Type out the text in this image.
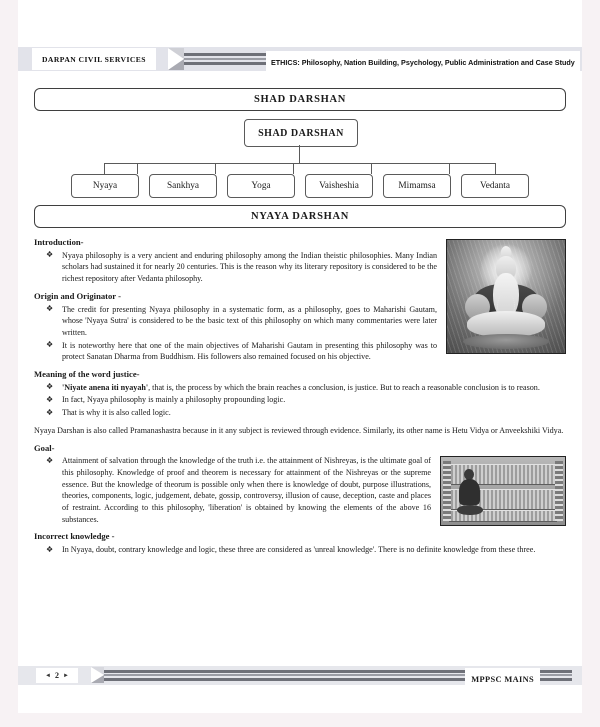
DARPAN CIVIL SERVICES	ETHICS: Philosophy, Nation Building, Psychology, Public Administration and Case Study
SHAD DARSHAN
SHAD DARSHAN
Nyaya	Sankhya	Yoga	Vaisheshia	Mimamsa	Vedanta
NYAYA DARSHAN
Introduction-
❖ Nyaya philosophy is a very ancient and enduring philosophy among the Indian theistic philosophies. Many Indian scholars had sustained it for nearly 20 centuries. This is the reason why its literary repository is considered to be the richest repository after Vedanta philosophy.
Origin and Originator -
❖ The credit for presenting Nyaya philosophy in a systematic form, as a philosophy, goes to Maharishi Gautam, whose 'Nyaya Sutra' is considered to be the basic text of this philosophy on which many commentaries were later written.
❖ It is noteworthy here that one of the main objectives of Maharishi Gautam in presenting this philosophy was to protect Sanatan Dharma from Buddhism. His followers also remained focused on his objective.
Meaning of the word justice-
❖ 'Niyate anena iti nyayah', that is, the process by which the brain reaches a conclusion, is justice. But to reach a reasonable conclusion is to reason.
❖ In fact, Nyaya philosophy is mainly a philosophy propounding logic.
❖ That is why it is also called logic.
Nyaya Darshan is also called Pramanashastra because in it any subject is reviewed through evidence. Similarly, its other name is Hetu Vidya or Anveekshiki Vidya.
Goal-
❖ Attainment of salvation through the knowledge of the truth i.e. the attainment of Nishreyas, is the ultimate goal of this philosophy. Knowledge of proof and theorem is necessary for attainment of the Nishreyas or the supreme essence. But the knowledge of theorum is possible only when there is knowledge of doubt, purpose illustrations, theories, components, logic, judgement, debate, gossip, controversy, illusion of cause, deception, caste and places of restraint. According to this philosophy, 'liberation' is obtained by knowing the elements of the above 16 substances.
Incorrect knowledge -
❖ In Nyaya, doubt, contrary knowledge and logic, these three are considered as 'unreal knowledge'. There is no definite knowledge from these three.
◄ 2 ►	MPPSC MAINS
